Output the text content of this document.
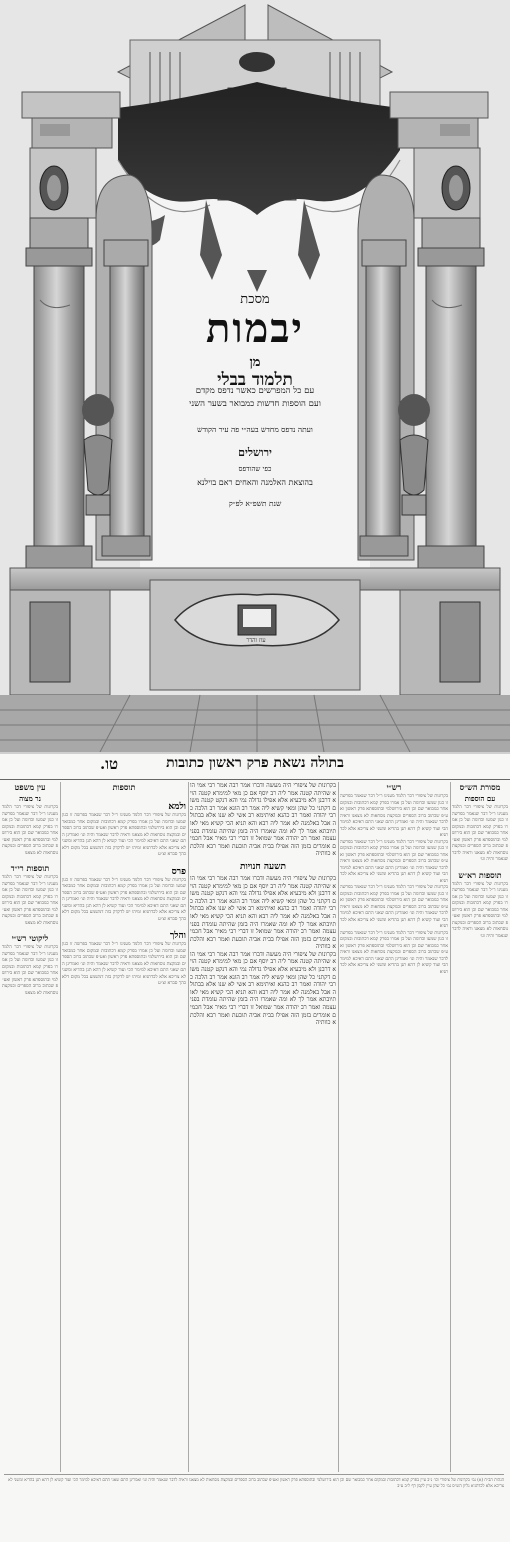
מסכת
יבמות
מן
תלמוד בבלי
עם כל המפרשים כאשר נדפס מקדם
ועם הוספות חדשות כמבואר בשער השני
ועתה נדפס מחדש בעה״י פה עיר הקודש
ירושלים
כפי שהודפס
בהוצאת האלמנה והאחים ראם בוילנא
שנת תשפ״א לפ״ק
עוז והדר
בתולה נשאת פרק ראשון כתובות
טו.
מסורת הש״ס
עם הוספות
בקרונות של ציפורי דבר הלמד מענינו ר״ל דבר שנאמר בפרשה זו כגון שמעו וכדומה ועל כן אמרו בפרק קמא דכתובות ובמקום אחר כמבואר שם וכן הוא בירושלמי ובתוספתא פרק ראשון ואע״פ שכתוב ברוב הספרים ובמקצת נוסחאות לא מצאנו וראיה לדבר שנאמר והיה וגו׳
תוספות רא״ש
בקרונות של ציפורי דבר הלמד מענינו ר״ל דבר שנאמר בפרשה זו כגון שמעו וכדומה ועל כן אמרו בפרק קמא דכתובות ובמקום אחר כמבואר שם וכן הוא בירושלמי ובתוספתא פרק ראשון ואע״פ שכתוב ברוב הספרים ובמקצת נוסחאות לא מצאנו וראיה לדבר שנאמר והיה וגו׳
רש״י
בקרונות של ציפורי דבר הלמד מענינו ר״ל דבר שנאמר בפרשה זו כגון שמעו וכדומה ועל כן אמרו בפרק קמא דכתובות ובמקום אחר כמבואר שם וכן הוא בירושלמי ובתוספתא פרק ראשון ואע״פ שכתוב ברוב הספרים ובמקצת נוסחאות לא מצאנו וראיה לדבר שנאמר והיה וגו׳ ואמרינן התם שאני התם דאיכא למימר הכי ועוד קשיא לן דהא תנן בהדיא ומשני לא צריכא אלא לכדתניא
בקרונות של ציפורי דבר הלמד מענינו ר״ל דבר שנאמר בפרשה זו כגון שמעו וכדומה ועל כן אמרו בפרק קמא דכתובות ובמקום אחר כמבואר שם וכן הוא בירושלמי ובתוספתא פרק ראשון ואע״פ שכתוב ברוב הספרים ובמקצת נוסחאות לא מצאנו וראיה לדבר שנאמר והיה וגו׳ ואמרינן התם שאני התם דאיכא למימר הכי ועוד קשיא לן דהא תנן בהדיא ומשני לא צריכא אלא לכדתניא
בקרונות של ציפורי דבר הלמד מענינו ר״ל דבר שנאמר בפרשה זו כגון שמעו וכדומה ועל כן אמרו בפרק קמא דכתובות ובמקום אחר כמבואר שם וכן הוא בירושלמי ובתוספתא פרק ראשון ואע״פ שכתוב ברוב הספרים ובמקצת נוסחאות לא מצאנו וראיה לדבר שנאמר והיה וגו׳ ואמרינן התם שאני התם דאיכא למימר הכי ועוד קשיא לן דהא תנן בהדיא ומשני לא צריכא אלא לכדתניא
בקרונות של ציפורי דבר הלמד מענינו ר״ל דבר שנאמר בפרשה זו כגון שמעו וכדומה ועל כן אמרו בפרק קמא דכתובות ובמקום אחר כמבואר שם וכן הוא בירושלמי ובתוספתא פרק ראשון ואע״פ שכתוב ברוב הספרים ובמקצת נוסחאות לא מצאנו וראיה לדבר שנאמר והיה וגו׳ ואמרינן התם שאני התם דאיכא למימר הכי ועוד קשיא לן דהא תנן בהדיא ומשני לא צריכא אלא לכדתניא
בקרונות של ציפורי היה מעשה ודברו אמר רבה אמר רבי אמי הוא שהיתה קטנה אמר ליה רב יוסף אם כן מאי למימרא קטנה הויא דרבנן ולא מיבעיא אלא אפילו גדולה נמי והא דנקט קטנה משום דקתני כל שהן ומאי קשיא ליה אמר רב הונא אמר רב הלכה כרבי יהודה ואמר רב כהנא ואיתימא רב אשי לא שנו אלא בבתולה אבל באלמנה לא אמר ליה רבא והא תניא הכי קשיא מאי לאו תיובתא אמר לך לא ומה שאמרו היה בזמן שהיתה עומדת בפני עצמה ואמר רב יהודה אמר שמואל זו דברי רבי מאיר אבל חכמים אומרים בזמן הזה אפילו בבית אביה תובעת ואמר רבא והלכתא כוותיה
תשעה חנויות
בקרונות של ציפורי היה מעשה ודברו אמר רבה אמר רבי אמי הוא שהיתה קטנה אמר ליה רב יוסף אם כן מאי למימרא קטנה הויא דרבנן ולא מיבעיא אלא אפילו גדולה נמי והא דנקט קטנה משום דקתני כל שהן ומאי קשיא ליה אמר רב הונא אמר רב הלכה כרבי יהודה ואמר רב כהנא ואיתימא רב אשי לא שנו אלא בבתולה אבל באלמנה לא אמר ליה רבא והא תניא הכי קשיא מאי לאו תיובתא אמר לך לא ומה שאמרו היה בזמן שהיתה עומדת בפני עצמה ואמר רב יהודה אמר שמואל זו דברי רבי מאיר אבל חכמים אומרים בזמן הזה אפילו בבית אביה תובעת ואמר רבא והלכתא כוותיה
בקרונות של ציפורי היה מעשה ודברו אמר רבה אמר רבי אמי הוא שהיתה קטנה אמר ליה רב יוסף אם כן מאי למימרא קטנה הויא דרבנן ולא מיבעיא אלא אפילו גדולה נמי והא דנקט קטנה משום דקתני כל שהן ומאי קשיא ליה אמר רב הונא אמר רב הלכה כרבי יהודה ואמר רב כהנא ואיתימא רב אשי לא שנו אלא בבתולה אבל באלמנה לא אמר ליה רבא והא תניא הכי קשיא מאי לאו תיובתא אמר לך לא ומה שאמרו היה בזמן שהיתה עומדת בפני עצמה ואמר רב יהודה אמר שמואל זו דברי רבי מאיר אבל חכמים אומרים בזמן הזה אפילו בבית אביה תובעת ואמר רבא והלכתא כוותיה
תוספות
ולמא
בקרונות של ציפורי דבר הלמד מענינו ר״ל דבר שנאמר בפרשה זו כגון שמעו וכדומה ועל כן אמרו בפרק קמא דכתובות ובמקום אחר כמבואר שם וכן הוא בירושלמי ובתוספתא פרק ראשון ואע״פ שכתוב ברוב הספרים ובמקצת נוסחאות לא מצאנו וראיה לדבר שנאמר והיה וגו׳ ואמרינן התם שאני התם דאיכא למימר הכי ועוד קשיא לן דהא תנן בהדיא ומשני לא צריכא אלא לכדתניא ומיהו יש לדקדק בזה דמשמע בכל מקום דלא כהך סברא וצ״ע
פרס
בקרונות של ציפורי דבר הלמד מענינו ר״ל דבר שנאמר בפרשה זו כגון שמעו וכדומה ועל כן אמרו בפרק קמא דכתובות ובמקום אחר כמבואר שם וכן הוא בירושלמי ובתוספתא פרק ראשון ואע״פ שכתוב ברוב הספרים ובמקצת נוסחאות לא מצאנו וראיה לדבר שנאמר והיה וגו׳ ואמרינן התם שאני התם דאיכא למימר הכי ועוד קשיא לן דהא תנן בהדיא ומשני לא צריכא אלא לכדתניא ומיהו יש לדקדק בזה דמשמע בכל מקום דלא כהך סברא וצ״ע
והלך
בקרונות של ציפורי דבר הלמד מענינו ר״ל דבר שנאמר בפרשה זו כגון שמעו וכדומה ועל כן אמרו בפרק קמא דכתובות ובמקום אחר כמבואר שם וכן הוא בירושלמי ובתוספתא פרק ראשון ואע״פ שכתוב ברוב הספרים ובמקצת נוסחאות לא מצאנו וראיה לדבר שנאמר והיה וגו׳ ואמרינן התם שאני התם דאיכא למימר הכי ועוד קשיא לן דהא תנן בהדיא ומשני לא צריכא אלא לכדתניא ומיהו יש לדקדק בזה דמשמע בכל מקום דלא כהך סברא וצ״ע
עין משפט
נר מצוה
בקרונות של ציפורי דבר הלמד מענינו ר״ל דבר שנאמר בפרשה זו כגון שמעו וכדומה ועל כן אמרו בפרק קמא דכתובות ובמקום אחר כמבואר שם וכן הוא בירושלמי ובתוספתא פרק ראשון ואע״פ שכתוב ברוב הספרים ובמקצת נוסחאות לא מצאנו
תוספות רי״ד
בקרונות של ציפורי דבר הלמד מענינו ר״ל דבר שנאמר בפרשה זו כגון שמעו וכדומה ועל כן אמרו בפרק קמא דכתובות ובמקום אחר כמבואר שם וכן הוא בירושלמי ובתוספתא פרק ראשון ואע״פ שכתוב ברוב הספרים ובמקצת נוסחאות לא מצאנו
ליקוטי רש״י
בקרונות של ציפורי דבר הלמד מענינו ר״ל דבר שנאמר בפרשה זו כגון שמעו וכדומה ועל כן אמרו בפרק קמא דכתובות ובמקום אחר כמבואר שם וכן הוא בירושלמי ובתוספתא פרק ראשון ואע״פ שכתוב ברוב הספרים ובמקצת נוסחאות לא מצאנו
הגהות הב״ח (א) גמ׳ בקרונות של ציפורי וכו׳ נ״ב עיין בפרק קמא דכתובות ובמקום אחר כמבואר שם וכן הוא בירושלמי ובתוספתא פרק ראשון ואע״פ שכתוב ברוב הספרים ובמקצת נוסחאות לא מצאנו וראיה לדבר שנאמר והיה וגו׳ ואמרינן התם שאני התם דאיכא למימר הכי ועוד קשיא לן דהא תנן בהדיא ומשני לא צריכא אלא לכדתניא גליון הש״ס גמ׳ כל שהן עיין לקמן דף ל״ב ע״ב
